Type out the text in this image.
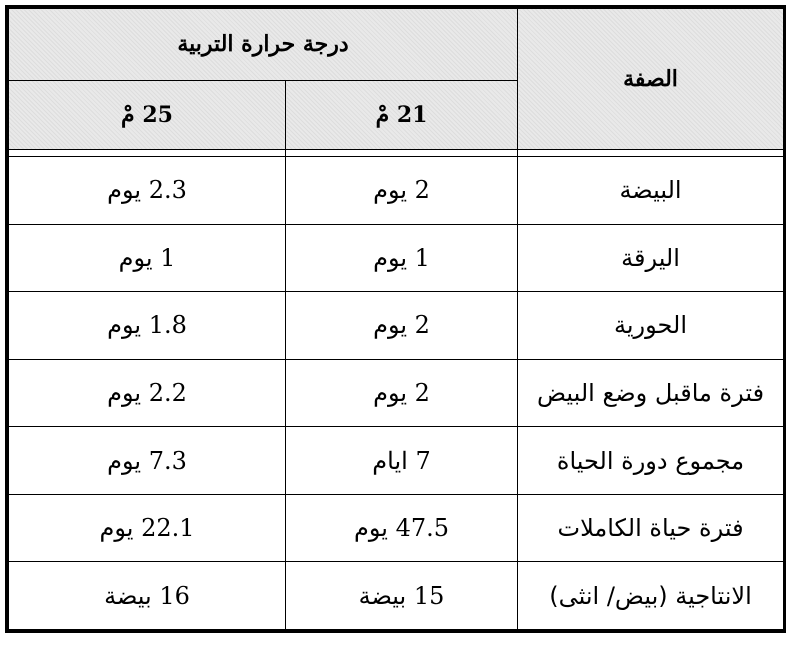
الصفة	درجة حرارة التربية	
	21 مْ	25 مْ

البيضة	2 يوم	2.3 يوم
اليرقة	1 يوم	1 يوم
الحورية	2 يوم	1.8 يوم
فترة ماقبل وضع البيض	2 يوم	2.2 يوم
مجموع دورة الحياة	7 ايام	7.3 يوم
فترة حياة الكاملات	47.5 يوم	22.1 يوم
الانتاجية (بيض/ انثى)	15 بيضة	16 بيضة
